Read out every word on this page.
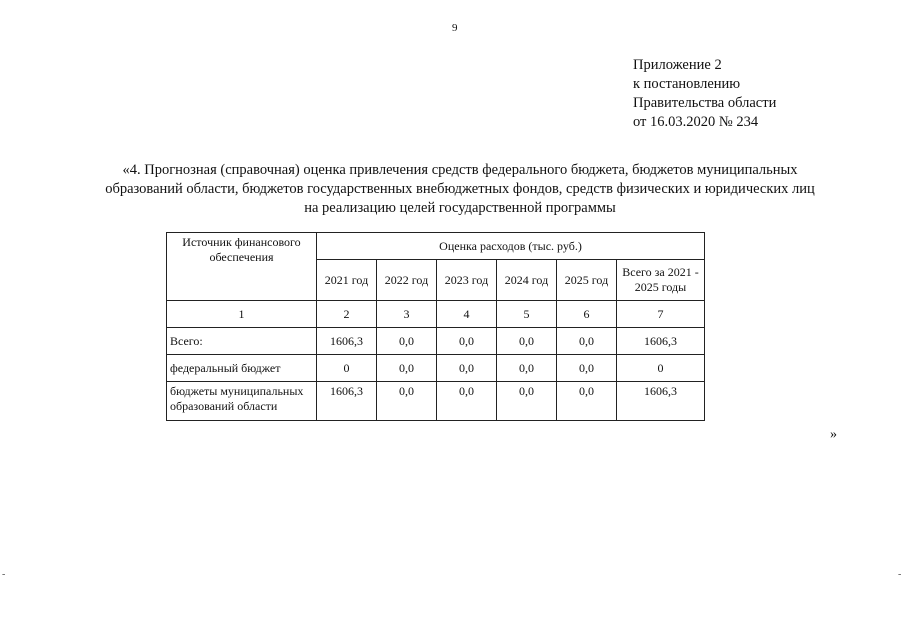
9
Приложение 2
к постановлению
Правительства области
от 16.03.2020 № 234
«4. Прогнозная (справочная) оценка привлечения средств федерального бюджета, бюджетов муниципальных
образований области, бюджетов государственных внебюджетных фондов, средств физических и юридических лиц
на реализацию целей государственной программы
Источник финансового обеспечения	Оценка расходов (тыс. руб.)					
	2021 год	2022 год	2023 год	2024 год	2025 год	Всего за 2021 - 2025 годы
1	2	3	4	5	6	7
Всего:	1606,3	0,0	0,0	0,0	0,0	1606,3
федеральный бюджет	0	0,0	0,0	0,0	0,0	0
бюджеты муниципальных образований области	1606,3	0,0	0,0	0,0	0,0	1606,3
»
-	-
